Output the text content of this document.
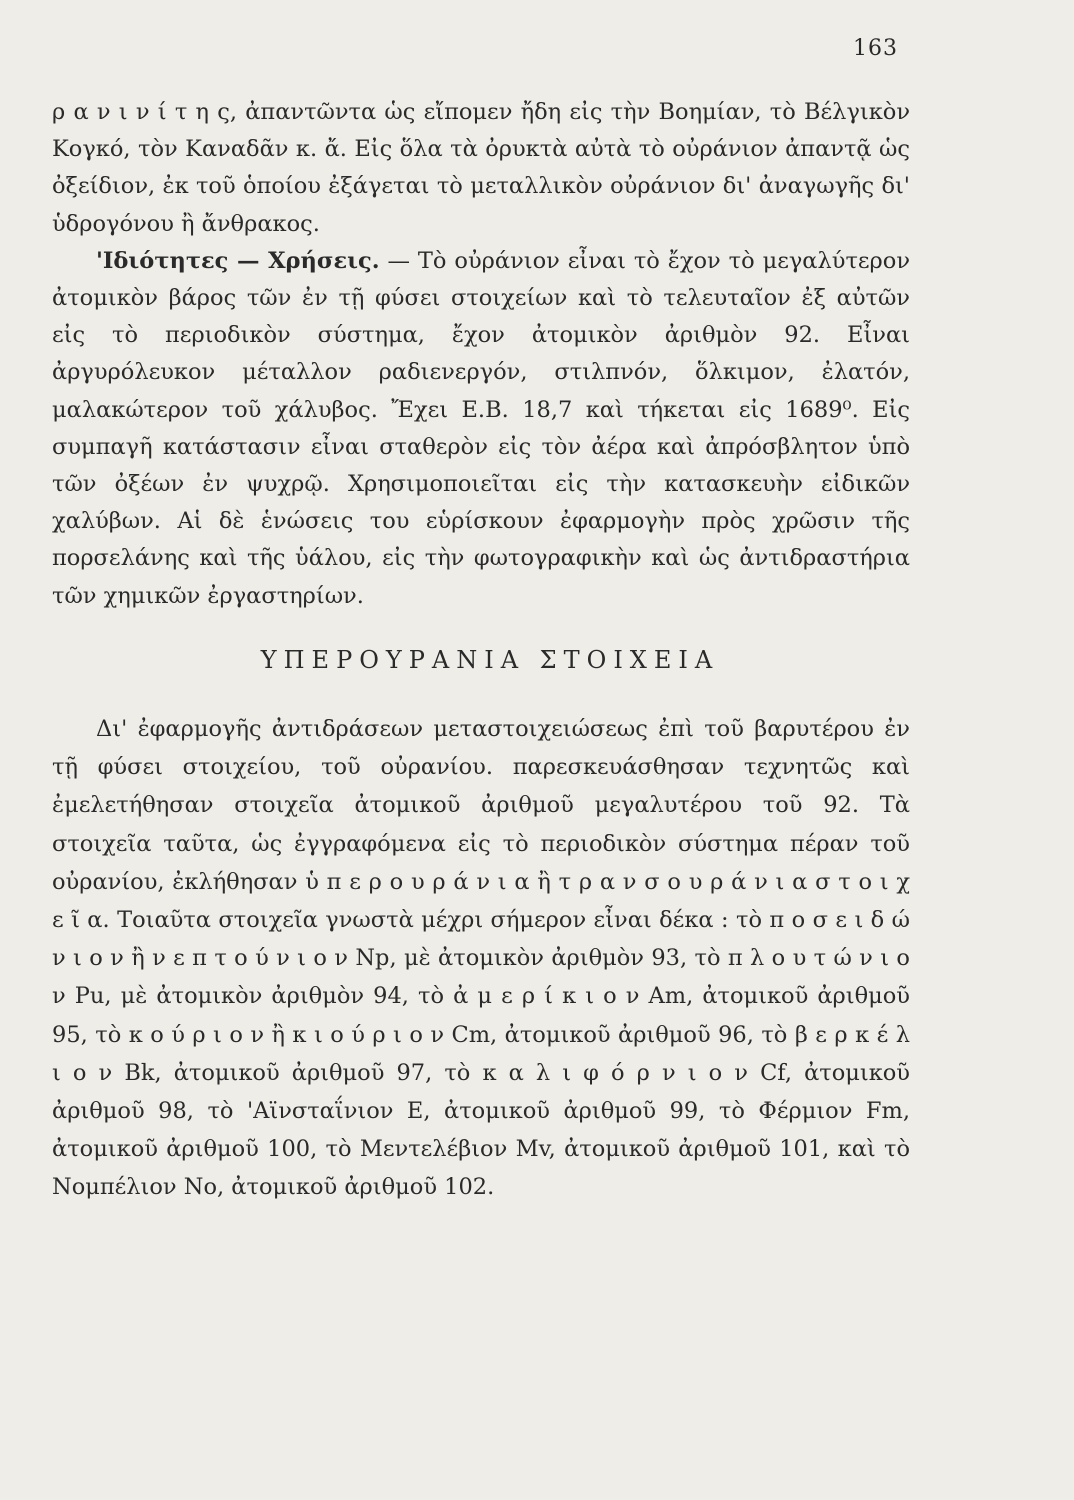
163

ρ α ν ι ν ί τ η ς, ἀπαντῶντα ὡς εἴπομεν ἤδη εἰς τὴν Βοημίαν, τὸ Βέλγικὸν Κογκό, τὸν Καναδᾶν κ. ἄ. Εἰς ὅλα τὰ ὀρυκτὰ αὐτὰ τὸ οὐράνιον ἀπαντᾷ ὡς ὀξείδιον, ἐκ τοῦ ὁποίου ἐξάγεται τὸ μεταλλικὸν οὐράνιον δι' ἀναγωγῆς δι' ὑδρογόνου ἢ ἄνθρακος.

'Ιδιότητες — Χρήσεις. — Τὸ οὐράνιον εἶναι τὸ ἔχον τὸ μεγαλύτερον ἀτομικὸν βάρος τῶν ἐν τῇ φύσει στοιχείων καὶ τὸ τελευταῖον ἐξ αὐτῶν εἰς τὸ περιοδικὸν σύστημα, ἔχον ἀτομικὸν ἀριθμὸν 92. Εἶναι ἀργυρόλευκον μέταλλον ραδιενεργόν, στιλπνόν, ὅλκιμον, ἐλατόν, μαλακώτερον τοῦ χάλυβος. Ἔχει Ε.Β. 18,7 καὶ τήκεται εἰς 1689⁰. Εἰς συμπαγῆ κατάστασιν εἶναι σταθερὸν εἰς τὸν ἀέρα καὶ ἀπρόσβλητον ὑπὸ τῶν ὀξέων ἐν ψυχρῷ. Χρησιμοποιεῖται εἰς τὴν κατασκευὴν εἰδικῶν χαλύβων. Αἱ δὲ ἑνώσεις του εὑρίσκουν ἐφαρμογὴν πρὸς χρῶσιν τῆς πορσελάνης καὶ τῆς ὑάλου, εἰς τὴν φωτογραφικὴν καὶ ὡς ἀντιδραστήρια τῶν χημικῶν ἐργαστηρίων.

ΥΠΕΡΟΥΡΑΝΙΑ ΣΤΟΙΧΕΙΑ

Δι' ἐφαρμογῆς ἀντιδράσεων μεταστοιχειώσεως ἐπὶ τοῦ βαρυτέρου ἐν τῇ φύσει στοιχείου, τοῦ οὐρανίου. παρεσκευάσθησαν τεχνητῶς καὶ ἐμελετήθησαν στοιχεῖα ἀτομικοῦ ἀριθμοῦ μεγαλυτέρου τοῦ 92. Τὰ στοιχεῖα ταῦτα, ὡς ἐγγραφόμενα εἰς τὸ περιοδικὸν σύστημα πέραν τοῦ οὐρανίου, ἐκλήθησαν ὑ π ε ρ ο υ ρ ά ν ι α ἢ τ ρ α ν σ ο υ ρ ά ν ι α σ τ ο ι χ ε ῖ α. Τοιαῦτα στοιχεῖα γνωστὰ μέχρι σήμερον εἶναι δέκα : τὸ π ο σ ε ι δ ώ ν ι ο ν ἢ ν ε π τ ο ύ ν ι ο ν Np, μὲ ἀτομικὸν ἀριθμὸν 93, τὸ π λ ο υ τ ώ ν ι ο ν Pu, μὲ ἀτομικὸν ἀριθμὸν 94, τὸ ἀ μ ε ρ ί κ ι ο ν Am, ἀτομικοῦ ἀριθμοῦ 95, τὸ κ ο ύ ρ ι ο ν ἢ κ ι ο ύ ρ ι ο ν Cm, ἀτομικοῦ ἀριθμοῦ 96, τὸ β ε ρ κ έ λ ι ο ν Bk, ἀτομικοῦ ἀριθμοῦ 97, τὸ κ α λ ι φ ό ρ ν ι ο ν Cf, ἀτομικοῦ ἀριθμοῦ 98, τὸ 'Αϊνσταΐνιον Ε, ἀτομικοῦ ἀριθμοῦ 99, τὸ Φέρμιον Fm, ἀτομικοῦ ἀριθμοῦ 100, τὸ Μεντελέβιον Mv, ἀτομικοῦ ἀριθμοῦ 101, καὶ τὸ Νομπέλιον No, ἀτομικοῦ ἀριθμοῦ 102.
